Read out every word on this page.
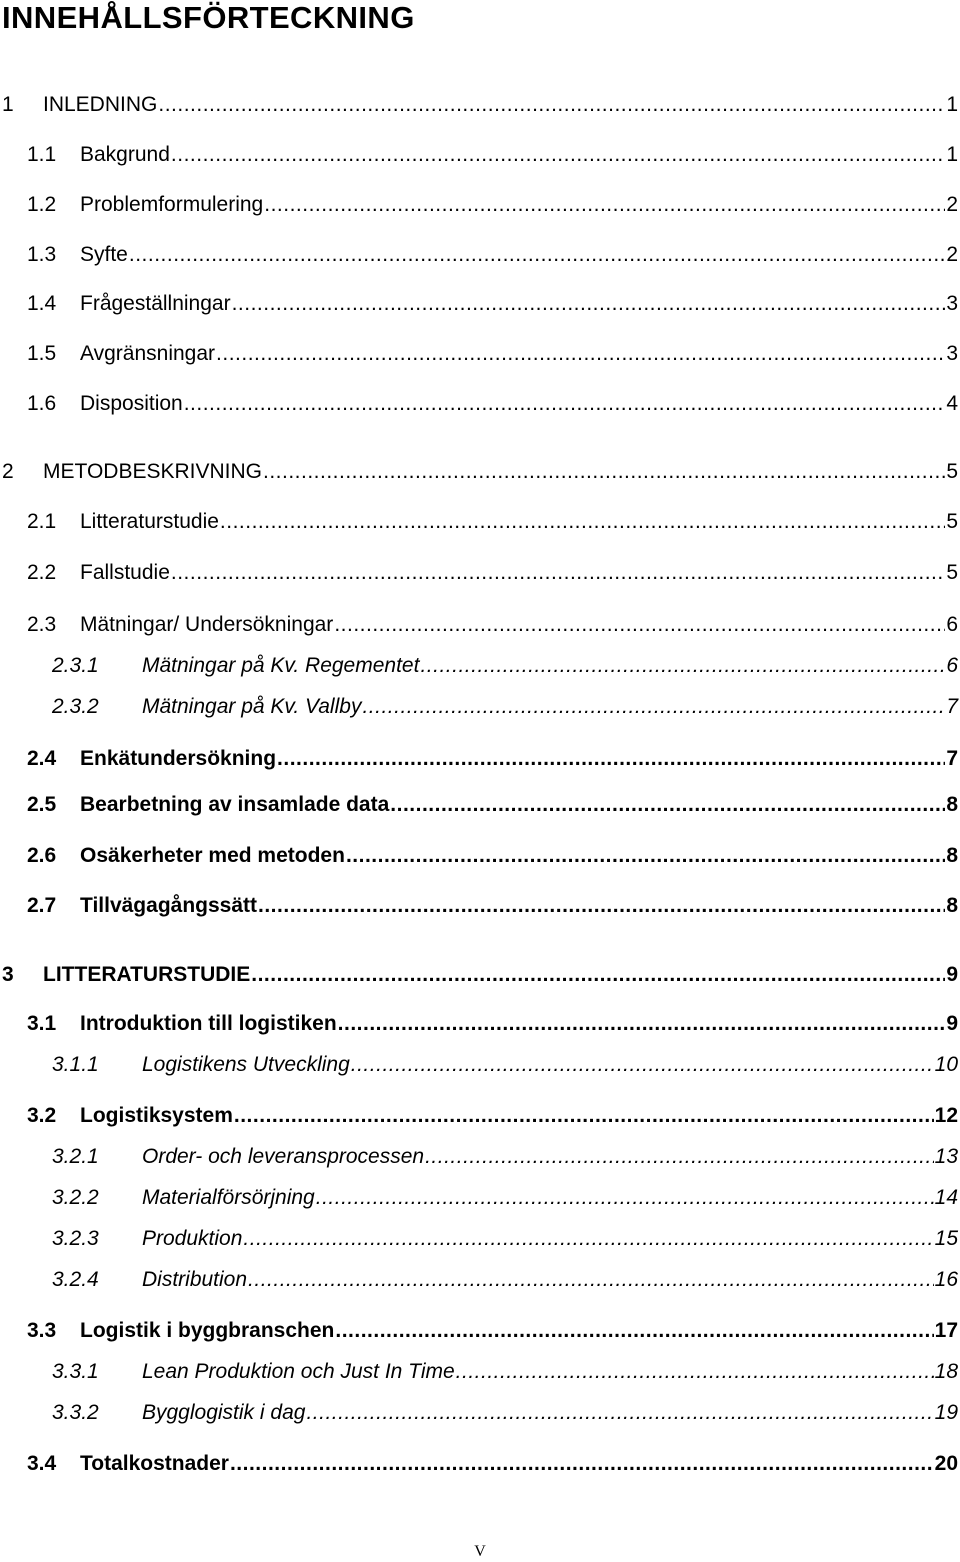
INNEHÅLLSFÖRTECKNING
1	INLEDNING .....	1
1.1	Bakgrund .....	1
1.2	Problemformulering .....	2
1.3	Syfte .....	2
1.4	Frågeställningar .....	3
1.5	Avgränsningar .....	3
1.6	Disposition .....	4
2	METODBESKRIVNING .....	5
2.1	Litteraturstudie .....	5
2.2	Fallstudie .....	5
2.3	Mätningar/ Undersökningar .....	6
2.3.1	Mätningar på Kv. Regementet .....	6
2.3.2	Mätningar på Kv. Vallby .....	7
2.4	Enkätundersökning .....	7
2.5	Bearbetning av insamlade data .....	8
2.6	Osäkerheter med metoden .....	8
2.7	Tillvägagångssätt .....	8
3	LITTERATURSTUDIE .....	9
3.1	Introduktion till logistiken .....	9
3.1.1	Logistikens Utveckling .....	10
3.2	Logistiksystem .....	12
3.2.1	Order- och leveransprocessen .....	13
3.2.2	Materialförsörjning .....	14
3.2.3	Produktion .....	15
3.2.4	Distribution .....	16
3.3	Logistik i byggbranschen .....	17
3.3.1	Lean Produktion och Just In Time .....	18
3.3.2	Bygglogistik i dag .....	19
3.4	Totalkostnader .....	20
V
